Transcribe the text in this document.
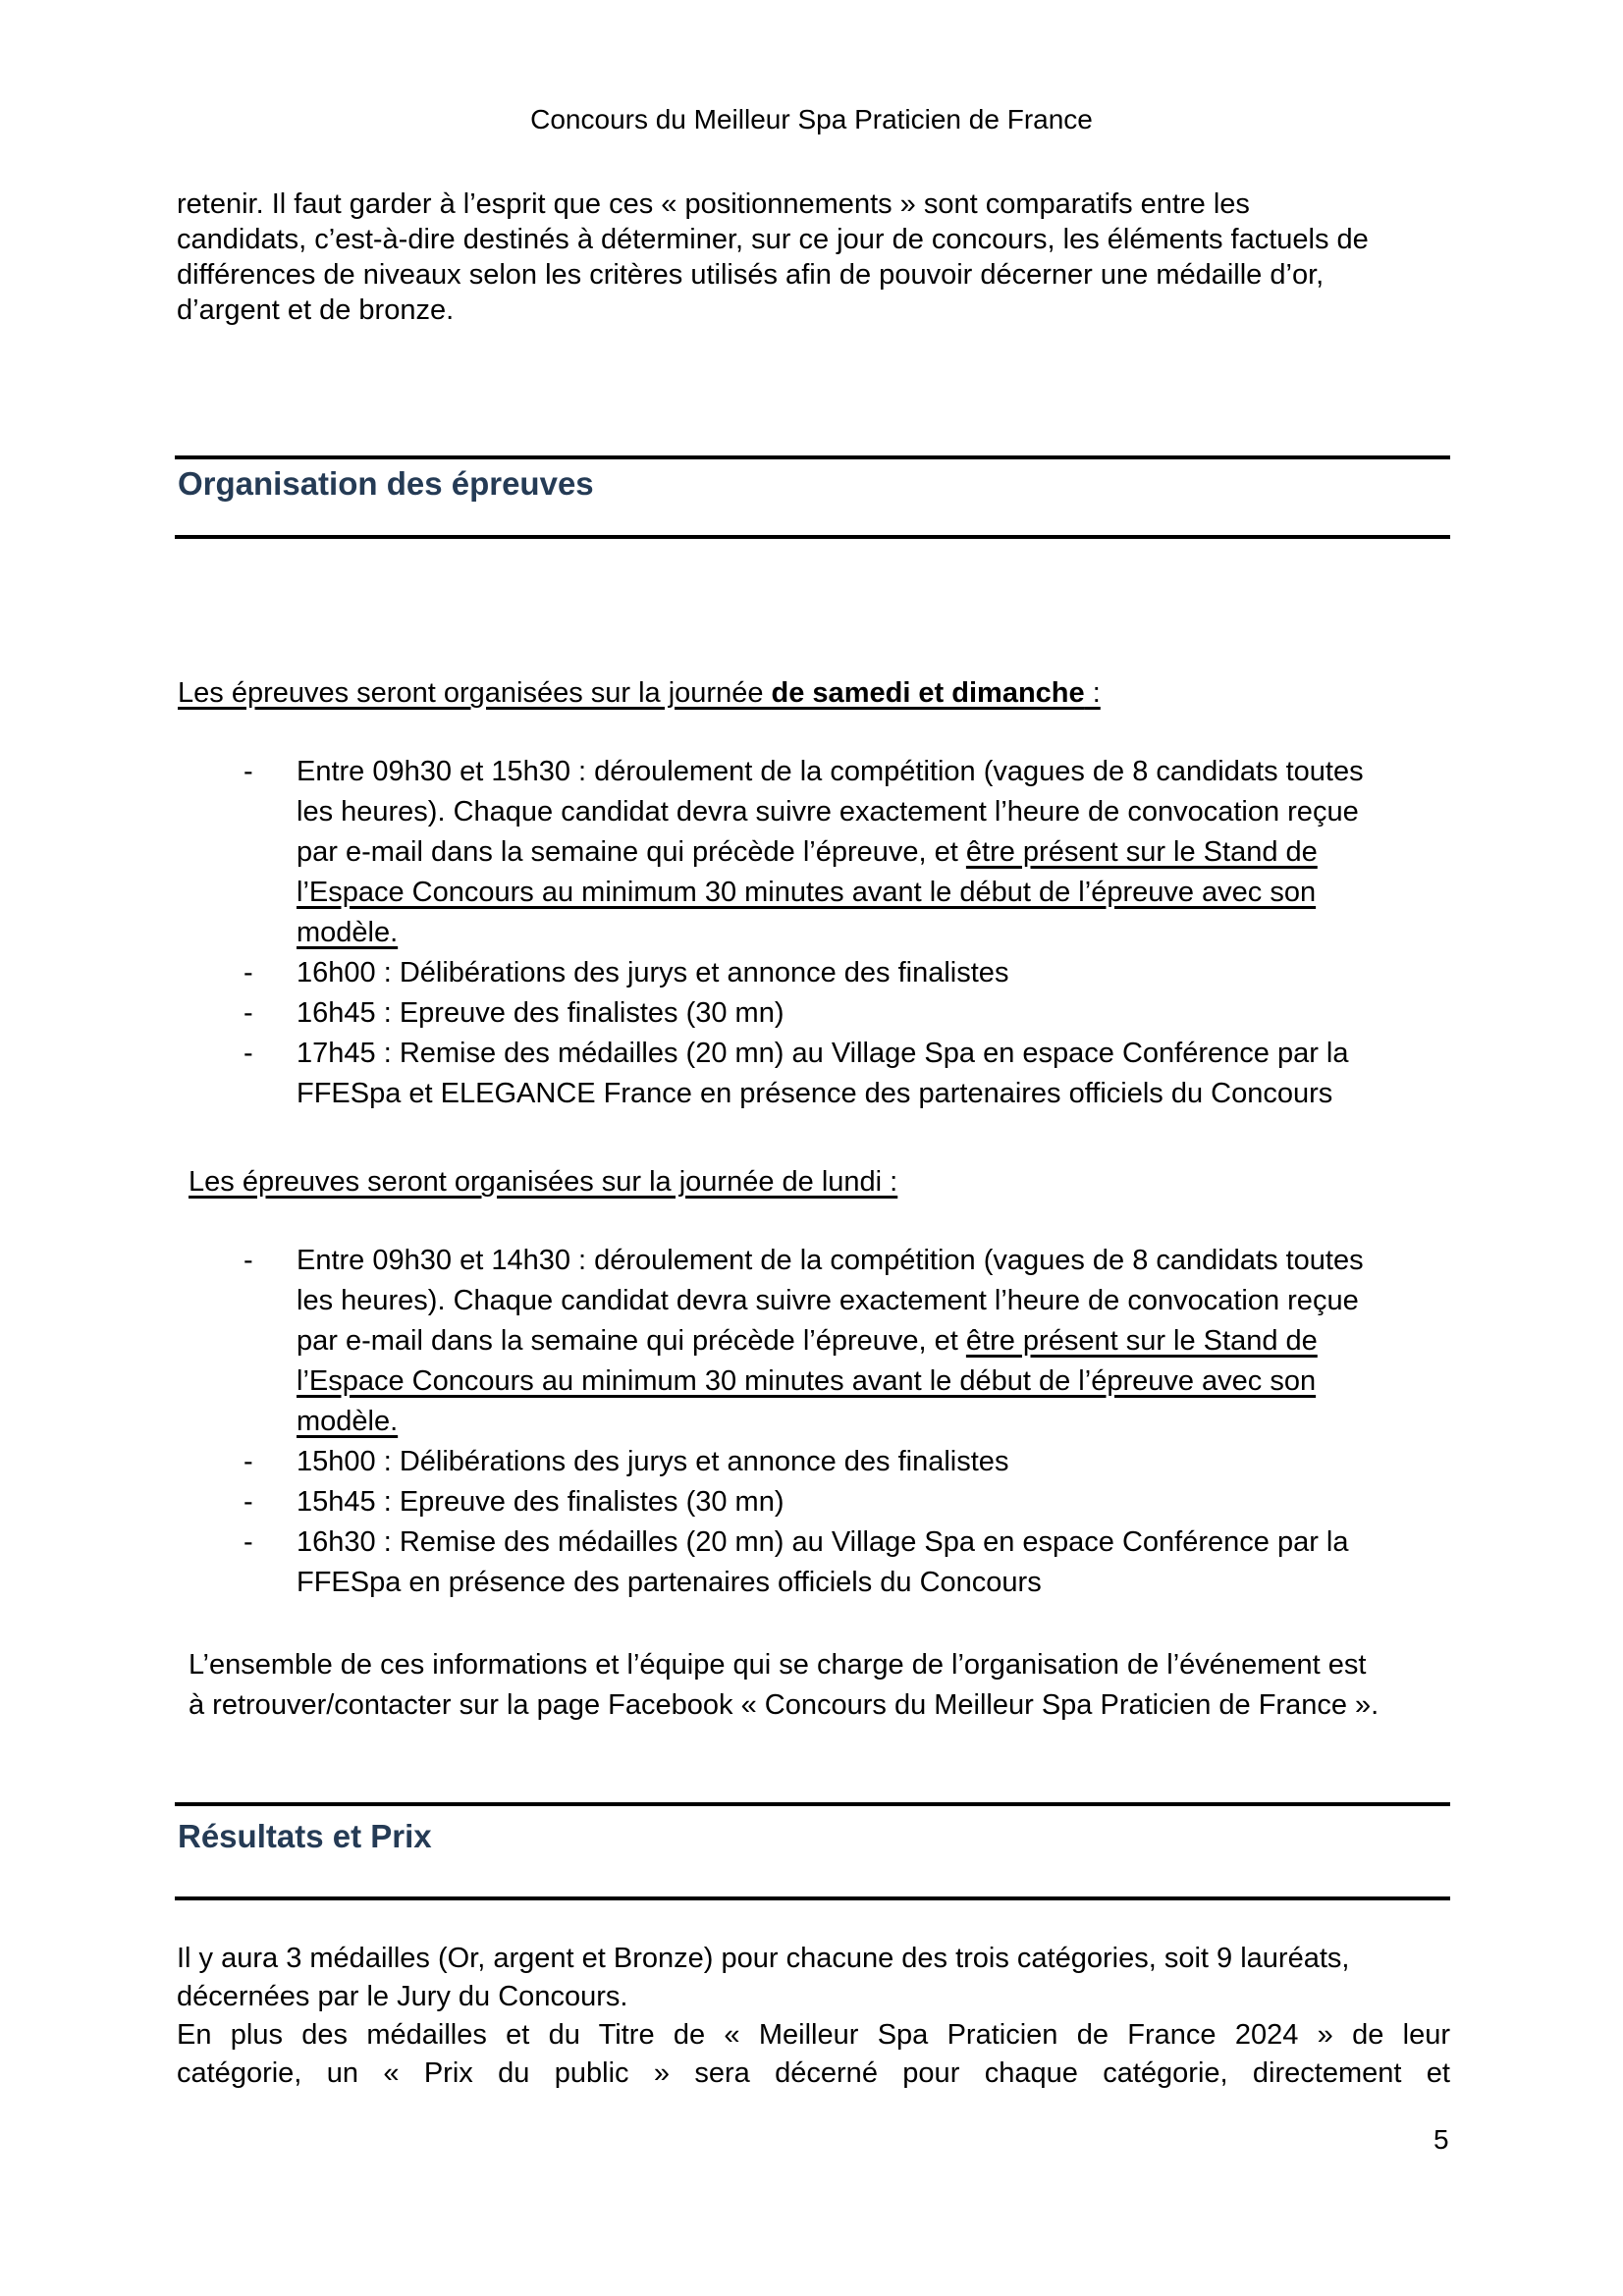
Concours du Meilleur Spa Praticien de France
retenir. Il faut garder à l’esprit que ces « positionnements » sont comparatifs entre les
candidats, c’est-à-dire destinés à déterminer, sur ce jour de concours, les éléments factuels de
différences de niveaux selon les critères utilisés afin de pouvoir décerner une médaille d’or,
d’argent et de bronze.
Organisation des épreuves
Les épreuves seront organisées sur la journée de samedi et dimanche :
- Entre 09h30 et 15h30 : déroulement de la compétition (vagues de 8 candidats toutes
les heures). Chaque candidat devra suivre exactement l’heure de convocation reçue
par e-mail dans la semaine qui précède l’épreuve, et être présent sur le Stand de
l’Espace Concours au minimum 30 minutes avant le début de l’épreuve avec son
modèle.
- 16h00 : Délibérations des jurys et annonce des finalistes
- 16h45 : Epreuve des finalistes (30 mn)
- 17h45 : Remise des médailles (20 mn) au Village Spa en espace Conférence par la
FFESpa et ELEGANCE France en présence des partenaires officiels du Concours
Les épreuves seront organisées sur la journée de lundi :
- Entre 09h30 et 14h30 : déroulement de la compétition (vagues de 8 candidats toutes
les heures). Chaque candidat devra suivre exactement l’heure de convocation reçue
par e-mail dans la semaine qui précède l’épreuve, et être présent sur le Stand de
l’Espace Concours au minimum 30 minutes avant le début de l’épreuve avec son
modèle.
- 15h00 : Délibérations des jurys et annonce des finalistes
- 15h45 : Epreuve des finalistes (30 mn)
- 16h30 : Remise des médailles (20 mn) au Village Spa en espace Conférence par la
FFESpa en présence des partenaires officiels du Concours
L’ensemble de ces informations et l’équipe qui se charge de l’organisation de l’événement est
à retrouver/contacter sur la page Facebook « Concours du Meilleur Spa Praticien de France ».
Résultats et Prix
Il y aura 3 médailles (Or, argent et Bronze) pour chacune des trois catégories, soit 9 lauréats,
décernées par le Jury du Concours.
En plus des médailles et du Titre de « Meilleur Spa Praticien de France 2024 » de leur
catégorie, un « Prix du public » sera décerné pour chaque catégorie, directement et
5
